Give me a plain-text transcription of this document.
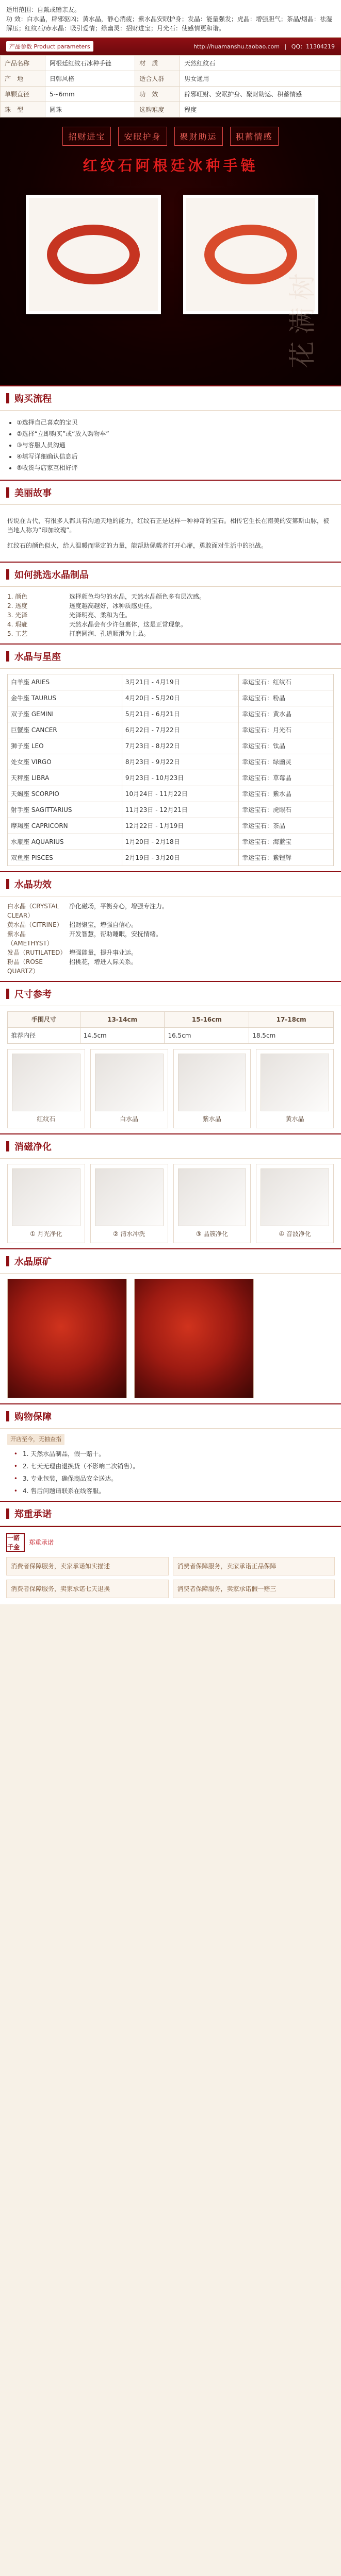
适用范围：自戴或赠亲友。
功 效：白水晶，辟邪驱凶；黄水晶，静心消疲；紫水晶安眠护身；发晶：能量强发；虎晶：增强胆气；茶晶/烟晶：祛湿解压；红纹石/赤水晶：吸引爱情；绿幽灵：招财进宝；月光石：使感情更和谐。
产品参数 Product parameters	http://huamanshu.taobao.com | QQ：11304219
产品名称	阿根廷红纹石冰种手链	材　质	天然红纹石
产　地	日韩风格	适合人群	男女通用
单颗直径	5~6mm	功　效	辟邪旺财、安眠护身、聚财助运、积蓄情感
珠　型	圆珠	选购难度	程度
招财进宝	安眠护身	聚财助运	积蓄情感
红纹石阿根廷冰种手链
花满树
购买流程
• ①选择自己喜欢的宝贝
• ②选择“立即购买”或“放入购物车”
• ③与客服人员沟通
• ④填写详细确认信息后
• ⑤收货与店家互相好评
美丽故事

传说在古代，有很多人都具有沟通天地的能力，红纹石正是这样一种神奇的宝石。相传它生长在南美的安第斯山脉，被当地人称为“印加玫瑰”。

红纹石的颜色似火，给人温暖而坚定的力量，能帮助佩戴者打开心扉，勇敢面对生活中的挑战。

如何挑选水晶制品
1. 颜色	选择颜色均匀的水晶，天然水晶颜色多有层次感。
2. 透度	透度越高越好，冰种质感更佳。
3. 光泽	光泽明亮、柔和为佳。
4. 瑕疵	天然水晶会有少许包裹体，这是正常现象。
5. 工艺	打磨圆润、孔道顺滑为上品。
水晶与星座
白羊座 ARIES	3月21日 - 4月19日	幸运宝石：红纹石
金牛座 TAURUS	4月20日 - 5月20日	幸运宝石：粉晶
双子座 GEMINI	5月21日 - 6月21日	幸运宝石：黄水晶
巨蟹座 CANCER	6月22日 - 7月22日	幸运宝石：月光石
狮子座 LEO	7月23日 - 8月22日	幸运宝石：钛晶
处女座 VIRGO	8月23日 - 9月22日	幸运宝石：绿幽灵
天秤座 LIBRA	9月23日 - 10月23日	幸运宝石：草莓晶
天蝎座 SCORPIO	10月24日 - 11月22日	幸运宝石：紫水晶
射手座 SAGITTARIUS	11月23日 - 12月21日	幸运宝石：虎眼石
摩羯座 CAPRICORN	12月22日 - 1月19日	幸运宝石：茶晶
水瓶座 AQUARIUS	1月20日 - 2月18日	幸运宝石：海蓝宝
双鱼座 PISCES	2月19日 - 3月20日	幸运宝石：紫锂辉
水晶功效
白水晶（CRYSTAL CLEAR）
净化磁场，平衡身心，增强专注力。
黄水晶（CITRINE） 招财聚宝，增强自信心。
紫水晶（AMETHYST）
开发智慧，帮助睡眠，安抚情绪。
发晶（RUTILATED） 增强能量，提升事业运。
粉晶（ROSE QUARTZ）
招桃花，增进人际关系。
尺寸参考
手围尺寸	13-14cm	15-16cm	17-18cm
推荐内径	14.5cm	16.5cm	18.5cm
红纹石	白水晶	紫水晶	黄水晶
消磁净化
① 月光净化	② 清水冲洗	③ 晶簇净化	④ 音波净化
水晶原矿
购物保障
开店至今，无抽查指
• 1. 天然水晶制品，假一赔十。
• 2. 七天无理由退换货（不影响二次销售）。
• 3. 专业包装，确保商品安全送达。
• 4. 售后问题请联系在线客服。
郑重承诺
一諾千金
郑重承诺
消费者保障服务，卖家承诺如实描述	消费者保障服务，卖家承诺正品保障
消费者保障服务，卖家承诺七天退换	消费者保障服务，卖家承诺假一赔三
